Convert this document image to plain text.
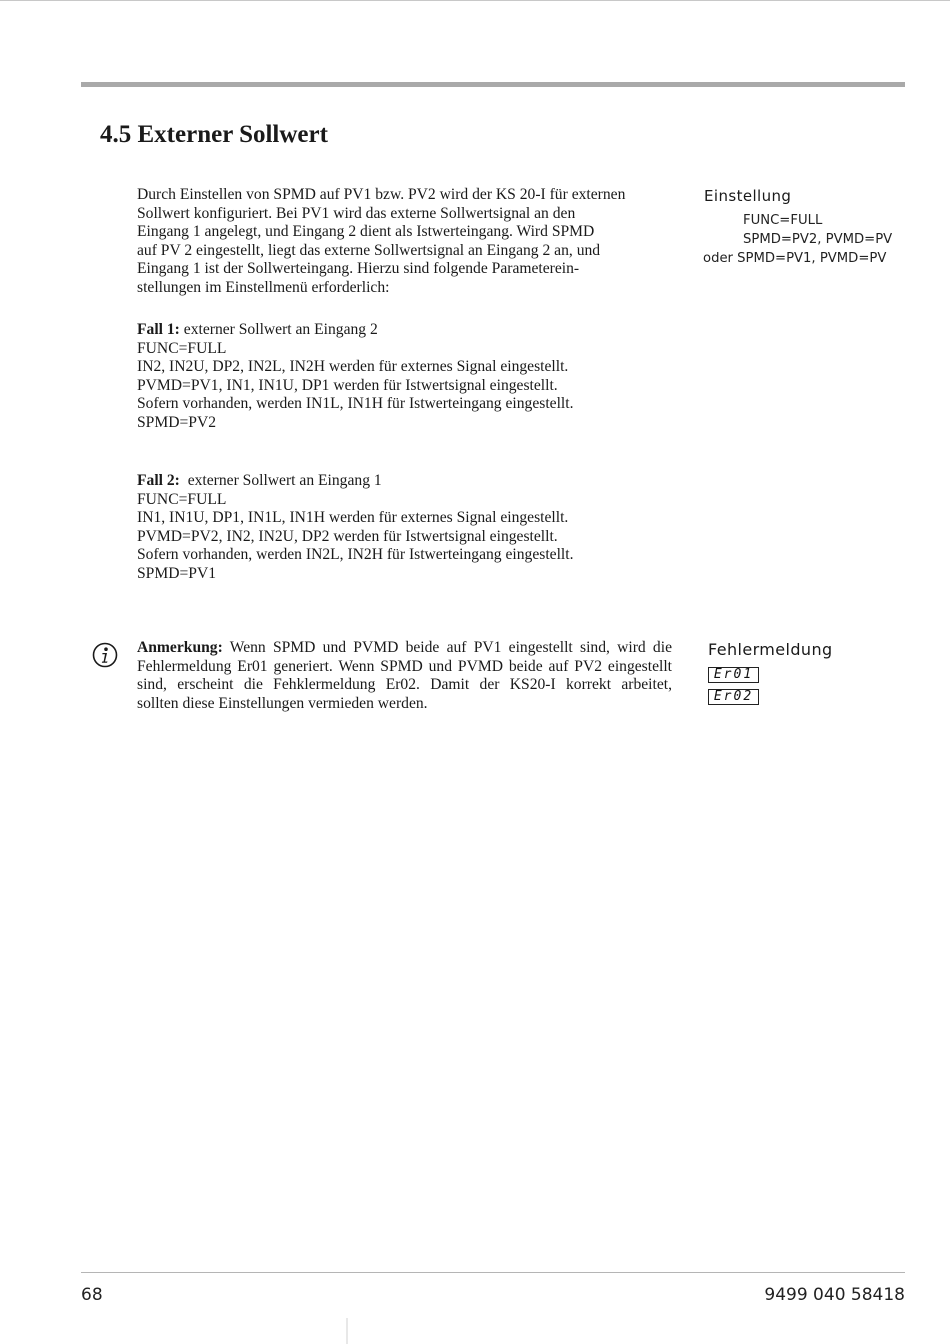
4.5 Externer Sollwert
Durch Einstellen von SPMD auf PV1 bzw. PV2 wird der KS 20-I für externen
Sollwert konfiguriert. Bei PV1 wird das externe Sollwertsignal an den
Eingang 1 angelegt, und Eingang 2 dient als Istwerteingang. Wird SPMD
auf PV 2 eingestellt, liegt das externe Sollwertsignal an Eingang 2 an, und
Eingang 1 ist der Sollwerteingang. Hierzu sind folgende Parameterein-
stellungen im Einstellmenü erforderlich:
Fall 1: externer Sollwert an Eingang 2
FUNC=FULL
IN2, IN2U, DP2, IN2L, IN2H werden für externes Signal eingestellt.
PVMD=PV1, IN1, IN1U, DP1 werden für Istwertsignal eingestellt.
Sofern vorhanden, werden IN1L, IN1H für Istwerteingang eingestellt.
SPMD=PV2
Fall 2:  externer Sollwert an Eingang 1
FUNC=FULL
IN1, IN1U, DP1, IN1L, IN1H werden für externes Signal eingestellt.
PVMD=PV2, IN2, IN2U, DP2 werden für Istwertsignal eingestellt.
Sofern vorhanden, werden IN2L, IN2H für Istwerteingang eingestellt.
SPMD=PV1
Anmerkung: Wenn SPMD und PVMD beide auf PV1 eingestellt sind, wird die
Fehlermeldung Er01 generiert. Wenn SPMD und PVMD beide auf PV2 eingestellt
sind, erscheint die Fehklermeldung Er02. Damit der KS20-I korrekt arbeitet,
sollten diese Einstellungen vermieden werden.
Einstellung
FUNC=FULL
SPMD=PV2, PVMD=PV
oder SPMD=PV1, PVMD=PV
Fehlermeldung
Er01
Er02
68	9499 040 58418
